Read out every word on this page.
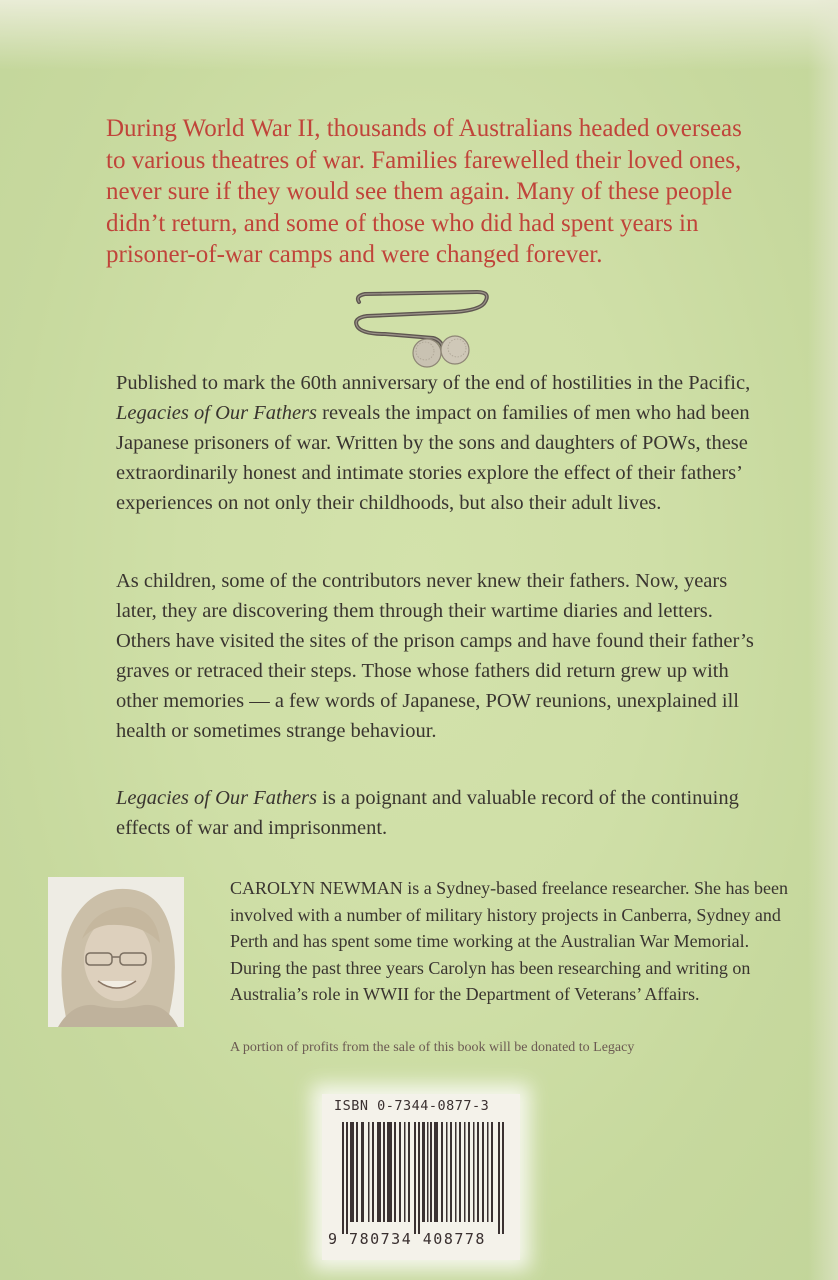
During World War II, thousands of Australians headed overseas to various theatres of war. Families farewelled their loved ones, never sure if they would see them again. Many of these people didn’t return, and some of those who did had spent years in prisoner-of-war camps and were changed forever.

Published to mark the 60th anniversary of the end of hostilities in the Pacific, Legacies of Our Fathers reveals the impact on families of men who had been Japanese prisoners of war. Written by the sons and daughters of POWs, these extraordinarily honest and intimate stories explore the effect of their fathers’ experiences on not only their childhoods, but also their adult lives.

As children, some of the contributors never knew their fathers. Now, years later, they are discovering them through their wartime diaries and letters. Others have visited the sites of the prison camps and have found their father’s graves or retraced their steps. Those whose fathers did return grew up with other memories — a few words of Japanese, POW reunions, unexplained ill health or sometimes strange behaviour.

Legacies of Our Fathers is a poignant and valuable record of the continuing effects of war and imprisonment.

CAROLYN NEWMAN is a Sydney-based freelance researcher. She has been involved with a number of military history projects in Canberra, Sydney and Perth and has spent some time working at the Australian War Memorial. During the past three years Carolyn has been researching and writing on Australia’s role in WWII for the Department of Veterans’ Affairs.

A portion of profits from the sale of this book will be donated to Legacy
ISBN 0-7344-0877-3
9 780734 408778
